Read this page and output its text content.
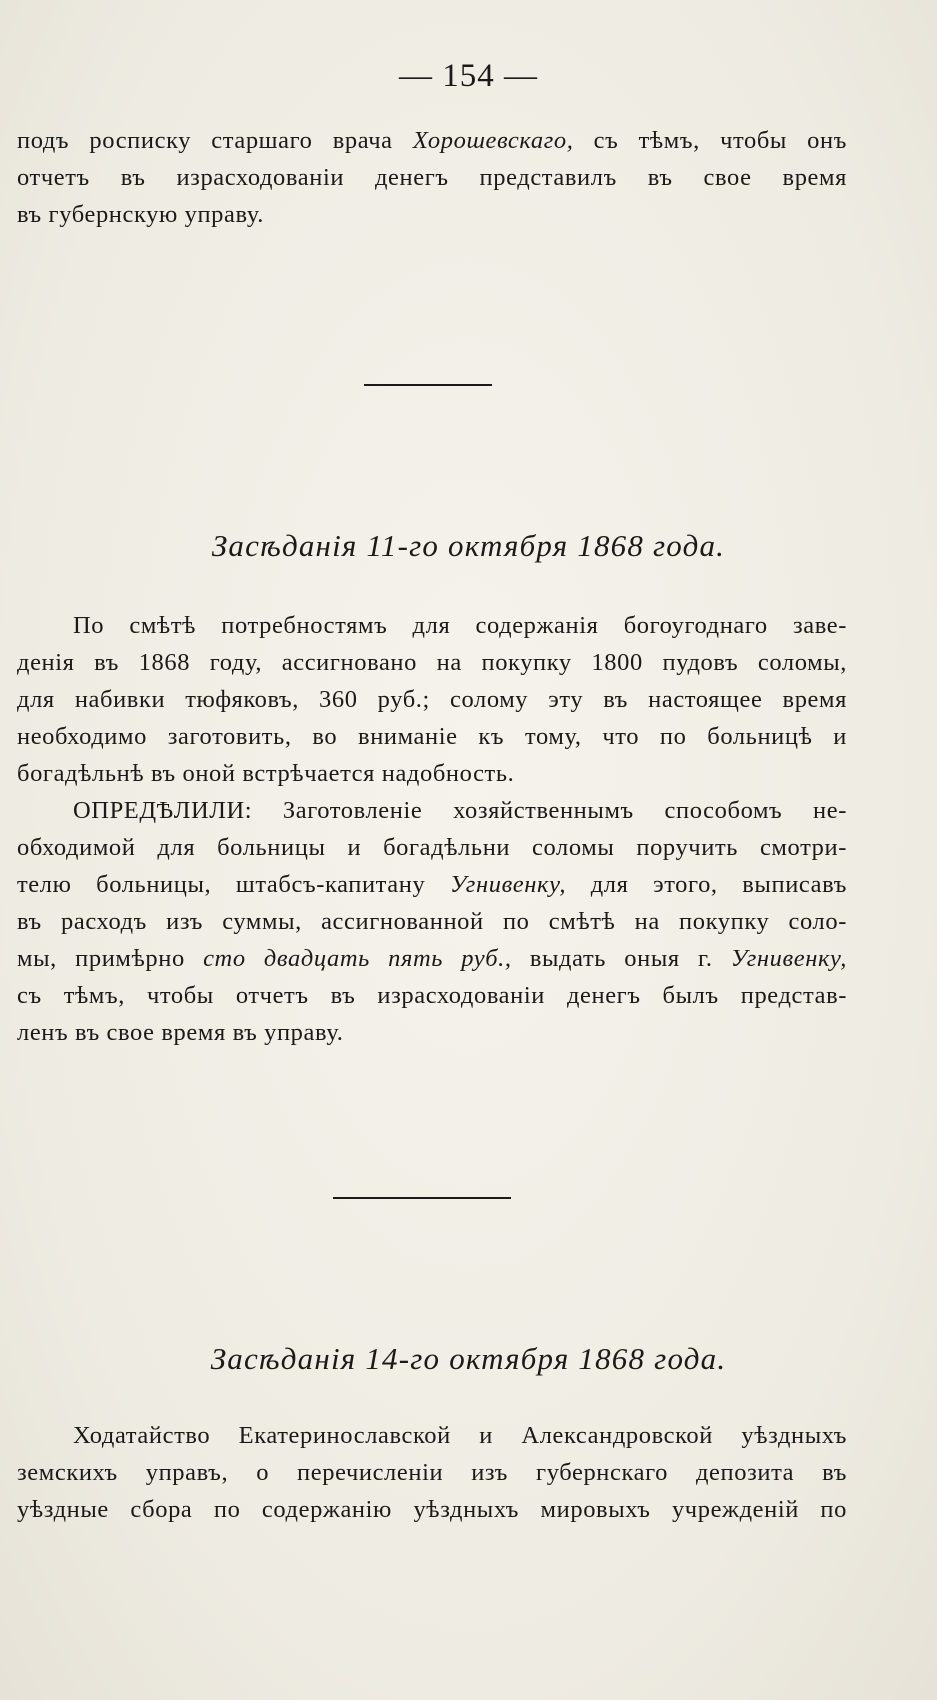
— 154 —
подъ роспиcку старшаго врача Хорошевскаго, съ тѣмъ, чтобы онъ
отчетъ въ израсходованіи денегъ представилъ въ свое время
въ губернскую управу.
Засѣданія 11-го октября 1868 года.
По смѣтѣ потребностямъ для содержанія богоугоднаго заве-
денія въ 1868 году, ассигновано на покупку 1800 пудовъ соломы,
для набивки тюфяковъ, 360 руб.; солому эту въ настоящее время
необходимо заготовить, во вниманіе къ тому, что по больницѣ и
богадѣльнѣ въ оной встрѣчается надобность.
ОПРЕДѢЛИЛИ: Заготовленіе хозяйственнымъ способомъ не-
обходимой для больницы и богадѣльни соломы поручить смотри-
телю больницы, штабсъ-капитану Угнивенку, для этого, выписавъ
въ расходъ изъ суммы, ассигнованной по смѣтѣ на покупку соло-
мы, примѣрно сто двадцать пять руб., выдать оныя г. Угнивенку,
съ тѣмъ, чтобы отчетъ въ израсходованіи денегъ былъ представ-
ленъ въ свое время въ управу.
Засѣданія 14-го октября 1868 года.
Ходатайство Екатеринославской и Александровской уѣздныхъ
земскихъ управъ, о перечисленіи изъ губернскаго депозита въ
уѣздные сбора по содержанію уѣздныхъ мировыхъ учрежденій по
